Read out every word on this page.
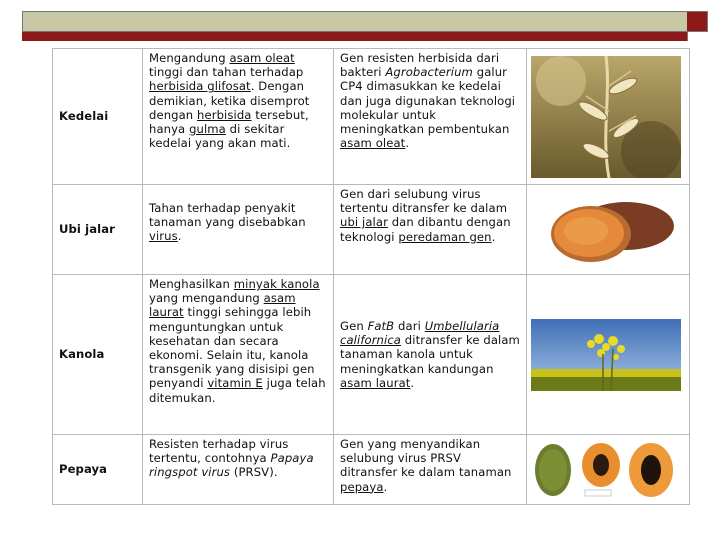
Kedelai	Mengandung asam oleat tinggi dan tahan terhadap herbisida glifosat. Dengan demikian, ketika disemprot dengan herbisida tersebut, hanya gulma di sekitar kedelai yang akan mati.	Gen resisten herbisida dari bakteri Agrobacterium galur CP4 dimasukkan ke kedelai dan juga digunakan teknologi molekular untuk meningkatkan pembentukan asam oleat.	

Ubi jalar	Tahan terhadap penyakit tanaman yang disebabkan virus.	Gen dari selubung virus tertentu ditransfer ke dalam ubi jalar dan dibantu dengan teknologi peredaman gen.	

Kanola	Menghasilkan minyak kanola yang mengandung asam laurat tinggi sehingga lebih menguntungkan untuk kesehatan dan secara ekonomi. Selain itu, kanola transgenik yang disisipi gen penyandi vitamin E juga telah ditemukan.	Gen FatB dari Umbellularia californica ditransfer ke dalam tanaman kanola untuk meningkatkan kandungan asam laurat.	

Pepaya	Resisten terhadap virus tertentu, contohnya Papaya ringspot virus (PRSV).	Gen yang menyandikan selubung virus PRSV ditransfer ke dalam tanaman pepaya.	
